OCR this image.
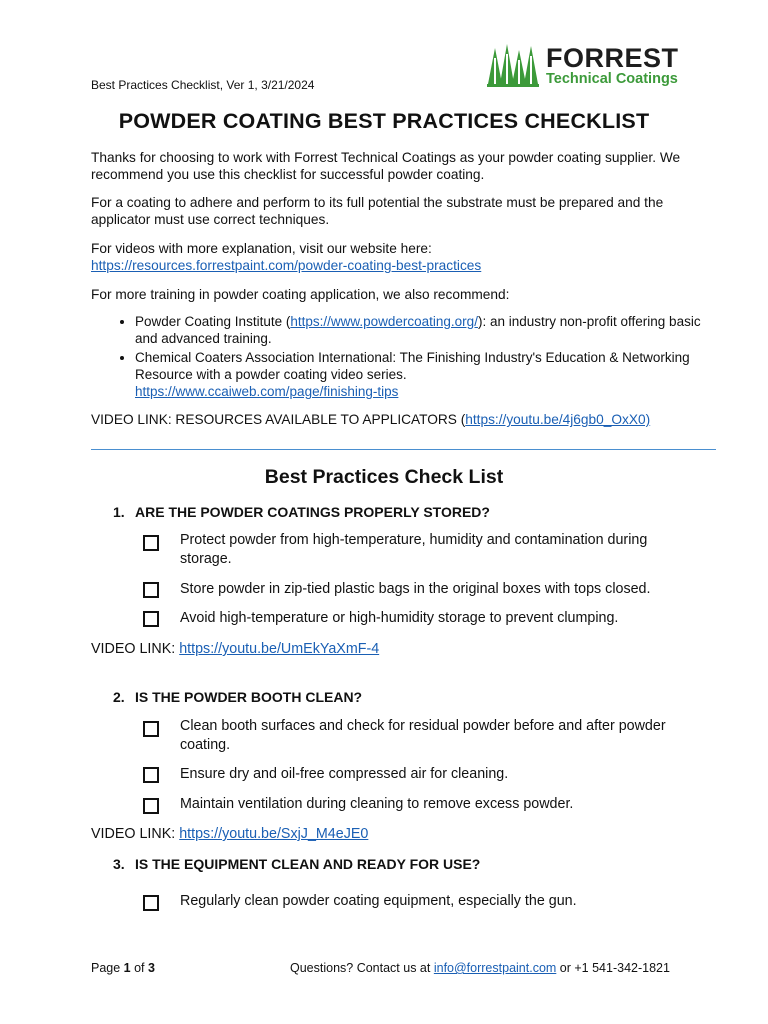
Best Practices Checklist, Ver 1, 3/21/2024
FORREST
Technical Coatings
POWDER COATING BEST PRACTICES CHECKLIST
Thanks for choosing to work with Forrest Technical Coatings as your powder coating supplier. We recommend you use this checklist for successful powder coating.
For a coating to adhere and perform to its full potential the substrate must be prepared and the applicator must use correct techniques.
For videos with more explanation, visit our website here:
https://resources.forrestpaint.com/powder-coating-best-practices
For more training in powder coating application, we also recommend:
• Powder Coating Institute (https://www.powdercoating.org/): an industry non-profit offering basic and advanced training.
• Chemical Coaters Association International: The Finishing Industry's Education & Networking Resource with a powder coating video series.
https://www.ccaiweb.com/page/finishing-tips
VIDEO LINK: RESOURCES AVAILABLE TO APPLICATORS (https://youtu.be/4j6gb0_OxX0)
Best Practices Check List
1. ARE THE POWDER COATINGS PROPERLY STORED?
Protect powder from high-temperature, humidity and contamination during storage.
Store powder in zip-tied plastic bags in the original boxes with tops closed.
Avoid high-temperature or high-humidity storage to prevent clumping.
VIDEO LINK: https://youtu.be/UmEkYaXmF-4
2. IS THE POWDER BOOTH CLEAN?
Clean booth surfaces and check for residual powder before and after powder coating.
Ensure dry and oil-free compressed air for cleaning.
Maintain ventilation during cleaning to remove excess powder.
VIDEO LINK: https://youtu.be/SxjJ_M4eJE0
3. IS THE EQUIPMENT CLEAN AND READY FOR USE?
Regularly clean powder coating equipment, especially the gun.
Page 1 of 3	Questions? Contact us at info@forrestpaint.com or +1 541-342-1821
